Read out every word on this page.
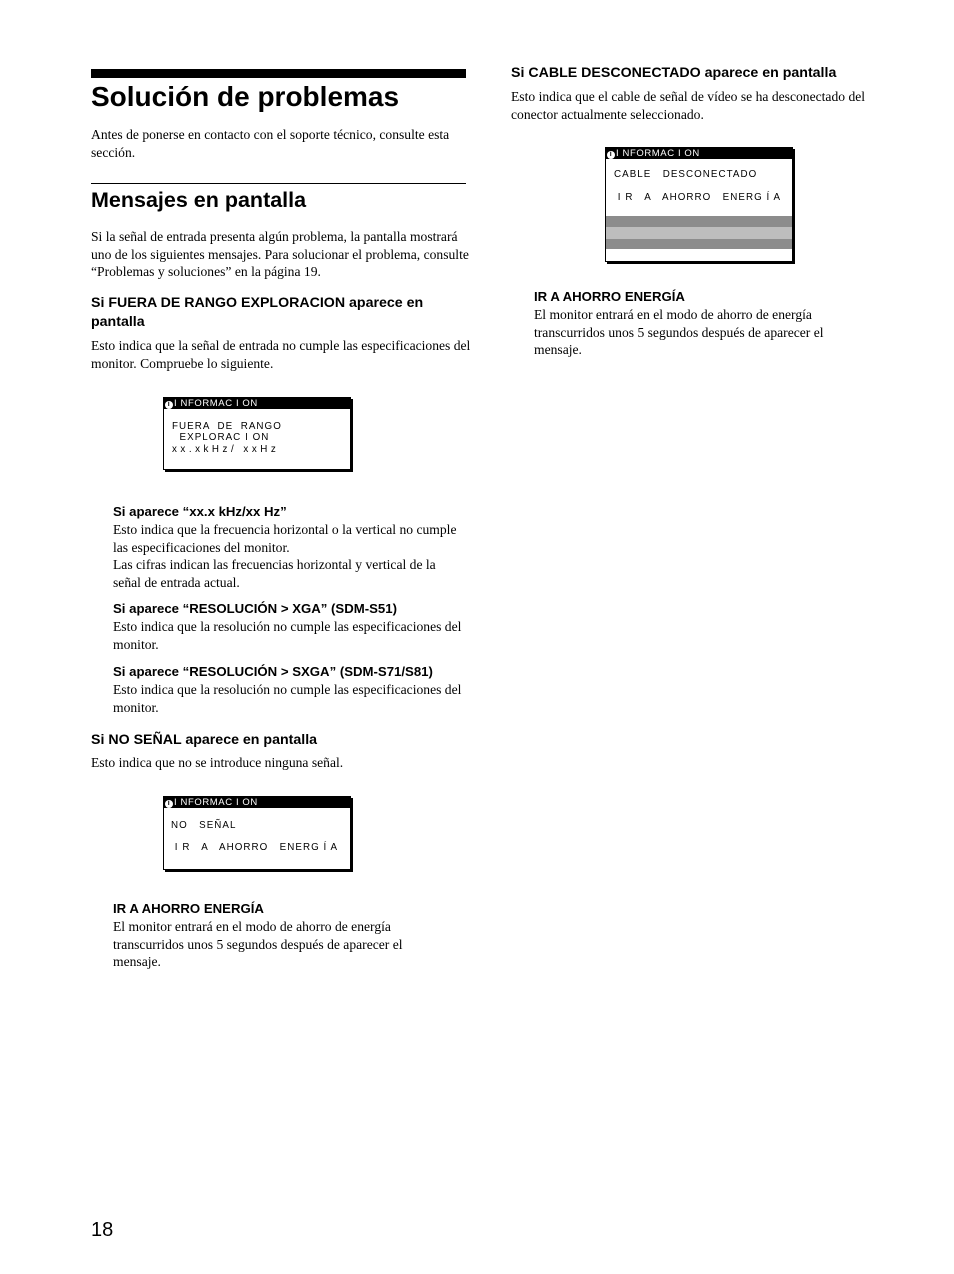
Solución de problemas

Antes de ponerse en contacto con el soporte técnico, consulte esta sección.

Mensajes en pantalla

Si la señal de entrada presenta algún problema, la pantalla mostrará uno de los siguientes mensajes. Para solucionar el problema, consulte “Problemas y soluciones” en la página 19.

Si FUERA DE RANGO EXPLORACION aparece en pantalla

Esto indica que la señal de entrada no cumple las especificaciones del monitor. Compruebe lo siguiente.

i I NFORMAC I ON
FUERA  DE  RANGO
EXPLORAC I ON
x x . x k H z /   x x H z
Si aparece “xx.x kHz/xx Hz”

Esto indica que la frecuencia horizontal o la vertical no cumple las especificaciones del monitor.

Las cifras indican las frecuencias horizontal y vertical de la señal de entrada actual.

Si aparece “RESOLUCIÓN > XGA” (SDM-S51)

Esto indica que la resolución no cumple las especificaciones del monitor.

Si aparece “RESOLUCIÓN > SXGA” (SDM-S71/S81)

Esto indica que la resolución no cumple las especificaciones del monitor.

Si NO SEÑAL aparece en pantalla

Esto indica que no se introduce ninguna señal.

i I NFORMAC I ON
NO   SEÑAL
I R   A   AHORRO   ENERG Í A
IR A AHORRO ENERGÍA

El monitor entrará en el modo de ahorro de energía transcurridos unos 5 segundos después de aparecer el mensaje.

Si CABLE DESCONECTADO aparece en pantalla

Esto indica que el cable de señal de vídeo se ha desconectado del conector actualmente seleccionado.

i I NFORMAC I ON
CABLE   DESCONECTADO
I R   A   AHORRO   ENERG Í A
IR A AHORRO ENERGÍA

El monitor entrará en el modo de ahorro de energía transcurridos unos 5 segundos después de aparecer el mensaje.

18
